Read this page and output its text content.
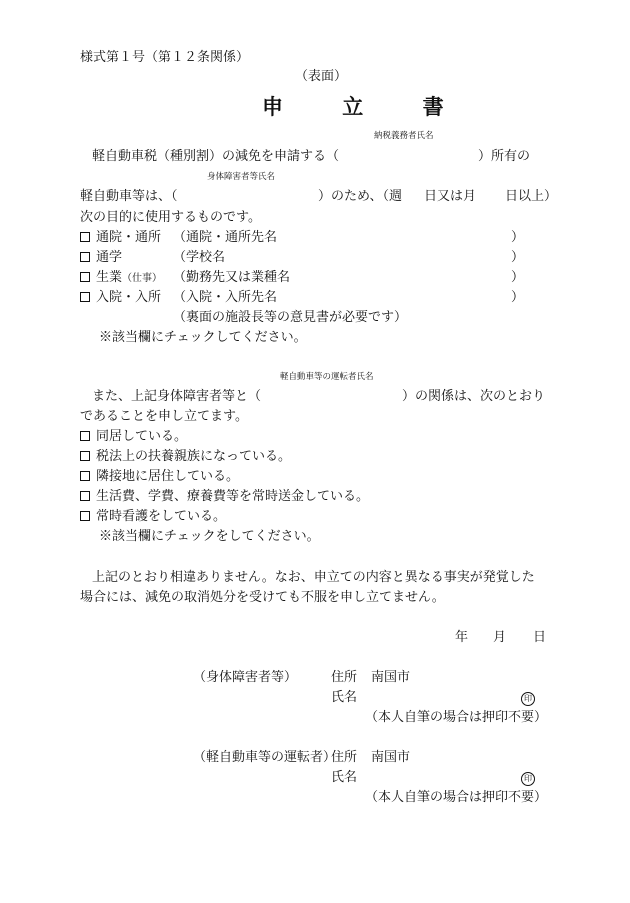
様式第１号（第１２条関係）
（表面）
申 立 書
納税義務者氏名
軽自動車税（種別割）の減免を申請する（	）所有の
身体障害者等氏名
軽自動車等は、（	）のため、（週 日又は月 日以上）
次の目的に使用するものです。
通院・通所 （通院・通所先名	）
通学	（学校名	）
生業（仕事） （勤務先又は業種名	）
入院・入所 （入院・入所先名	）
（裏面の施設長等の意見書が必要です）
※該当欄にチェックしてください。
軽自動車等の運転者氏名
また、上記身体障害者等と（	）の関係は、次のとおり
であることを申し立てます。
同居している。
税法上の扶養親族になっている。
隣接地に居住している。
生活費、学費、療養費等を常時送金している。
常時看護をしている。
※該当欄にチェックをしてください。
上記のとおり相違ありません。なお、申立ての内容と異なる事実が発覚した
場合には、減免の取消処分を受けても不服を申し立てません。
年 月 日
（身体障害者等）	住所 南国市
氏名	印
（本人自筆の場合は押印不要）
（軽自動車等の運転者）
住所 南国市
氏名	印
（本人自筆の場合は押印不要）
